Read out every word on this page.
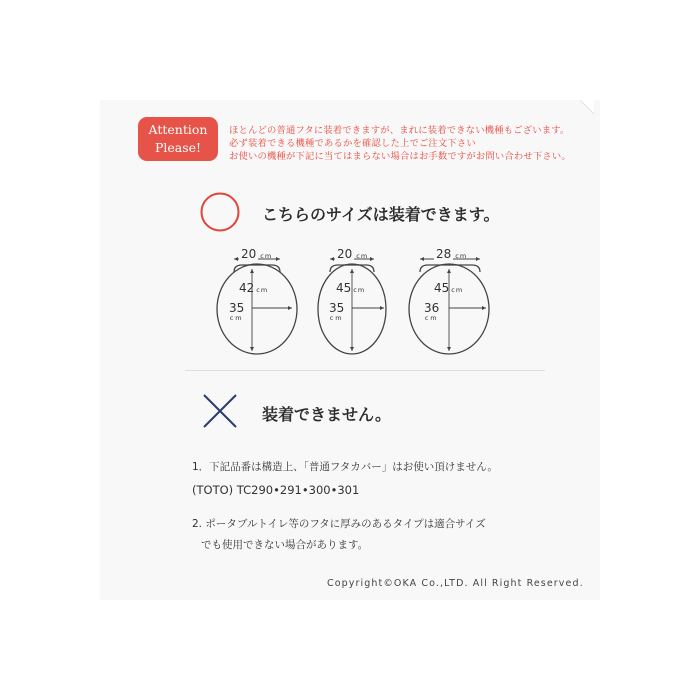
Attention
Please!
ほとんどの普通フタに装着できますが、まれに装着できない機種もございます。
必ず装着できる機種であるかを確認した上でご注文下さい
お使いの機種が下記に当てはまらない場合はお手数ですがお問い合わせ下さい。
こちらのサイズは装着できます。
20 cm
42 cm
35
cm
20 cm
45 cm
35
cm
28 cm
45 cm
36
cm
装着できません。
1．下記品番は構造上、「普通フタカバー」はお使い頂けません。
(TOTO) TC290•291•300•301
2. ポータブルトイレ等のフタに厚みのあるタイプは適合サイズ
でも使用できない場合があります。
Copyright©OKA Co.,LTD. All Right Reserved.
